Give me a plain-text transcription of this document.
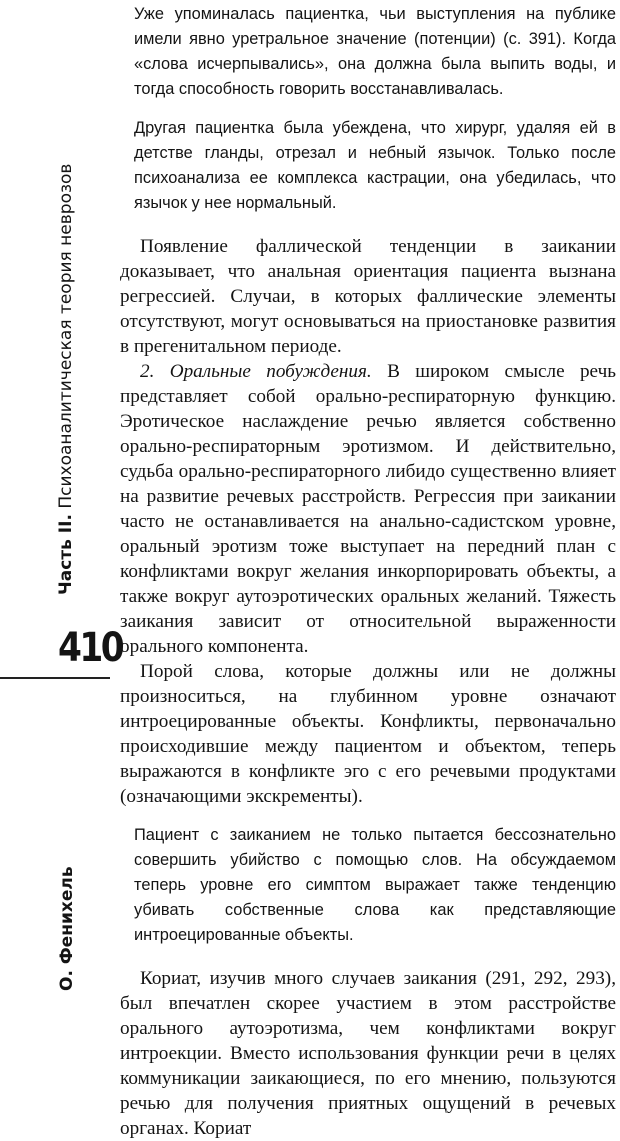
Часть II. Психоаналитическая теория неврозов
О. Фенихель
410

Уже упоминалась пациентка, чьи выступления на публике имели явно уретральное значение (потенции) (с. 391). Когда «слова исчерпывались», она должна была выпить воды, и тогда способность говорить восстанавливалась.

Другая пациентка была убеждена, что хирург, удаляя ей в детстве гланды, отрезал и небный язычок. Только после психоанализа ее комплекса кастрации, она убедилась, что язычок у нее нормальный.

Появление фаллической тенденции в заикании доказывает, что анальная ориентация пациента вызнана регрессией. Случаи, в которых фаллические элементы отсутствуют, могут основываться на приостановке развития в прегенитальном периоде.

2. Оральные побуждения. В широком смысле речь представляет собой орально-респираторную функцию. Эротическое наслаждение речью является собственно орально-респираторным эротизмом. И действительно, судьба орально-респираторного либидо существенно влияет на развитие речевых расстройств. Регрессия при заикании часто не останавливается на анально-садистском уровне, оральный эротизм тоже выступает на передний план с конфликтами вокруг желания инкорпорировать объекты, а также вокруг аутоэротических оральных желаний. Тяжесть заикания зависит от относительной выраженности орального компонента.

Порой слова, которые должны или не должны произноситься, на глубинном уровне означают интроецированные объекты. Конфликты, первоначально происходившие между пациентом и объектом, теперь выражаются в конфликте эго с его речевыми продуктами (означающими экскременты).

Пациент с заиканием не только пытается бессознательно совершить убийство с помощью слов. На обсуждаемом теперь уровне его симптом выражает также тенденцию убивать собственные слова как представляющие интроецированные объекты.

Кориат, изучив много случаев заикания (291, 292, 293), был впечатлен скорее участием в этом расстройстве орального аутоэротизма, чем конфликтами вокруг интроекции. Вместо использования функции речи в целях коммуникации заикающиеся, по его мнению, пользуются речью для получения приятных ощущений в речевых органах. Кориат
